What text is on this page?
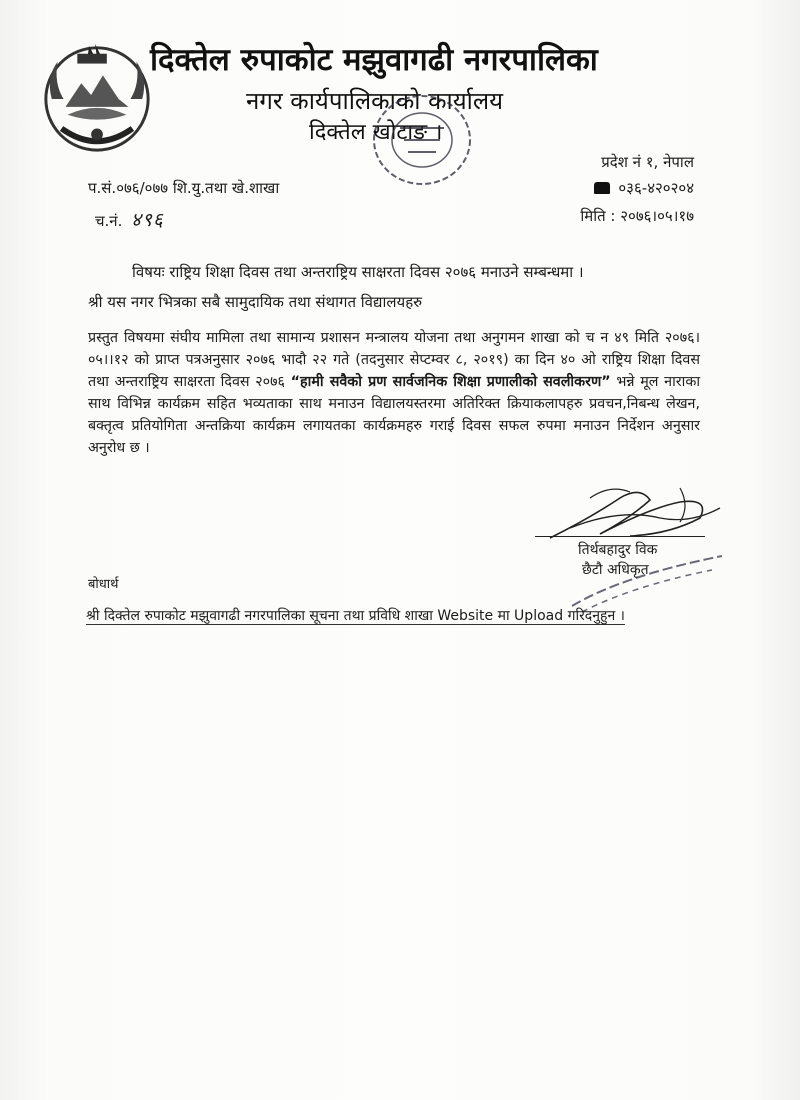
दिक्तेल रुपाकोट मझुवागढी नगरपालिका
नगर कार्यपालिकाको कार्यालय
दिक्तेल खोटाङ ।
प्रदेश नं १, नेपाल
०३६-४२०२०४
मिति : २०७६।०५।१७
प.सं.०७६/०७७ शि.यु.तथा खे.शाखा
च.नं. ४९६
विषयः राष्ट्रिय शिक्षा दिवस तथा अन्तराष्ट्रिय साक्षरता दिवस २०७६ मनाउने सम्बन्धमा ।
श्री यस नगर भित्रका सबै सामुदायिक तथा संथागत विद्यालयहरु
प्रस्तुत विषयमा संघीय मामिला तथा सामान्य प्रशासन मन्त्रालय योजना तथा अनुगमन शाखा को च न ४९ मिति २०७६।०५।।१२ को प्राप्त पत्रअनुसार २०७६ भादौ २२ गते (तदनुसार सेप्टम्वर ८, २०१९) का दिन ४० ओ राष्ट्रिय शिक्षा दिवस तथा अन्तराष्ट्रिय साक्षरता दिवस २०७६ “हामी सवैको प्रण सार्वजनिक शिक्षा प्रणालीको सवलीकरण” भन्ने मूल नाराका साथ विभिन्न कार्यक्रम सहित भव्यताका साथ मनाउन विद्यालयस्तरमा अतिरिक्त क्रियाकलापहरु प्रवचन,निबन्ध लेखन, बक्तृत्व प्रतियोगिता अन्तक्रिया कार्यक्रम लगायतका कार्यक्रमहरु गराई दिवस सफल रुपमा मनाउन निर्देशन अनुसार अनुरोध छ ।
तिर्थबहादुर विक
छैटौ अधिकृत
बोधार्थ
श्री दिक्तेल रुपाकोट मझुवागढी नगरपालिका सूचना तथा प्रविधि शाखा Website मा Upload गरिदनुहुन ।
